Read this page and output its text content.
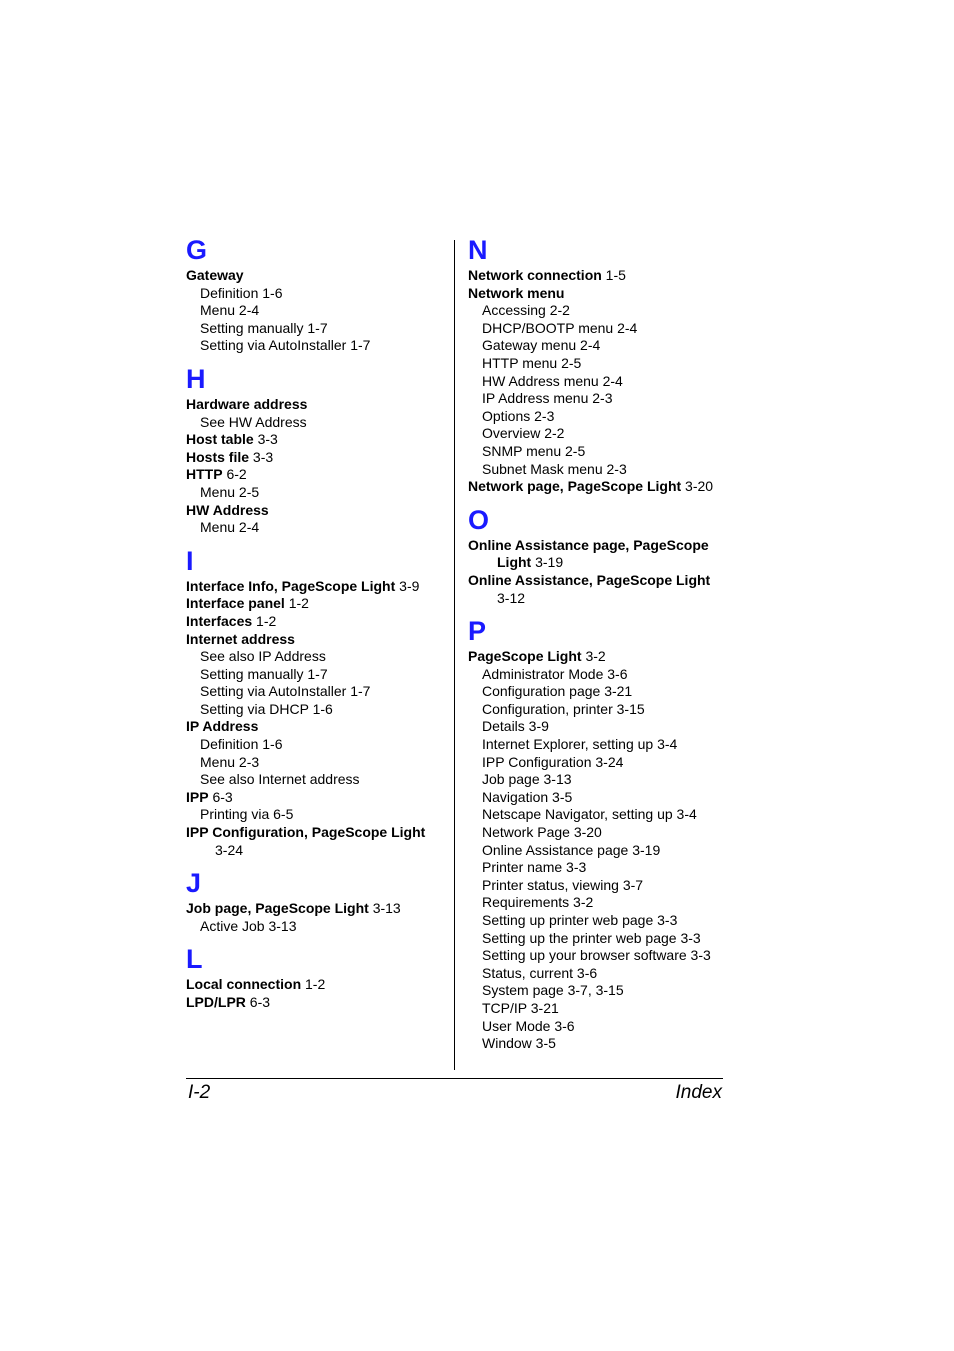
G
Gateway
Definition 1-6
Menu 2-4
Setting manually 1-7
Setting via AutoInstaller 1-7
H
Hardware address
See HW Address
Host table 3-3
Hosts file 3-3
HTTP 6-2
Menu 2-5
HW Address
Menu 2-4
I
Interface Info, PageScope Light 3-9
Interface panel 1-2
Interfaces 1-2
Internet address
See also IP Address
Setting manually 1-7
Setting via AutoInstaller 1-7
Setting via DHCP 1-6
IP Address
Definition 1-6
Menu 2-3
See also Internet address
IPP 6-3
Printing via 6-5
IPP Configuration, PageScope Light
3-24
J
Job page, PageScope Light 3-13
Active Job 3-13
L
Local connection 1-2
LPD/LPR 6-3
N
Network connection 1-5
Network menu
Accessing 2-2
DHCP/BOOTP menu 2-4
Gateway menu 2-4
HTTP menu 2-5
HW Address menu 2-4
IP Address menu 2-3
Options 2-3
Overview 2-2
SNMP menu 2-5
Subnet Mask menu 2-3
Network page, PageScope Light 3-20
O
Online Assistance page, PageScope
Light 3-19
Online Assistance, PageScope Light
3-12
P
PageScope Light 3-2
Administrator Mode 3-6
Configuration page 3-21
Configuration, printer 3-15
Details 3-9
Internet Explorer, setting up 3-4
IPP Configuration 3-24
Job page 3-13
Navigation 3-5
Netscape Navigator, setting up 3-4
Network Page 3-20
Online Assistance page 3-19
Printer name 3-3
Printer status, viewing 3-7
Requirements 3-2
Setting up printer web page 3-3
Setting up the printer web page 3-3
Setting up your browser software 3-3
Status, current 3-6
System page 3-7, 3-15
TCP/IP 3-21
User Mode 3-6
Window 3-5
I-2	Index
